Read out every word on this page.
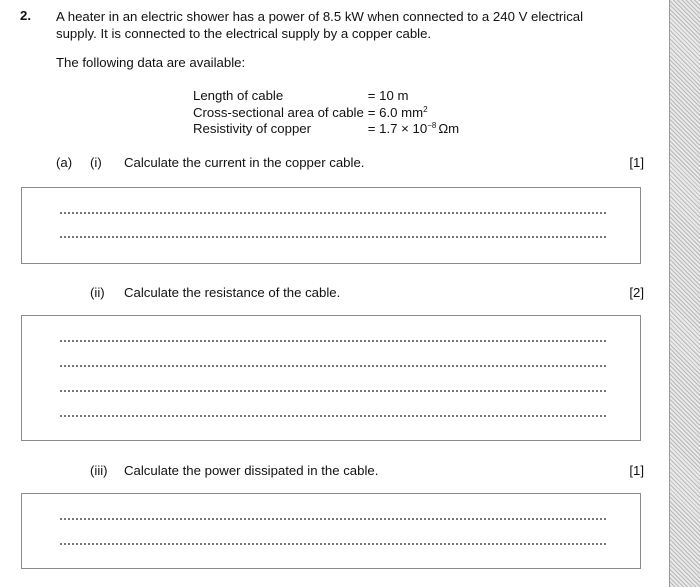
2. A heater in an electric shower has a power of 8.5 kW when connected to a 240 V electrical supply. It is connected to the electrical supply by a copper cable.
The following data are available:
Length of cable	= 10 m
Cross-sectional area of cable	= 6.0 $mm^2$
Resistivity of copper	= $1.7 \times 10^{-8}$ Ωm
(a) (i) Calculate the current in the copper cable.	[1]
(ii) Calculate the resistance of the cable.	[2]
(iii) Calculate the power dissipated in the cable.	[1]
